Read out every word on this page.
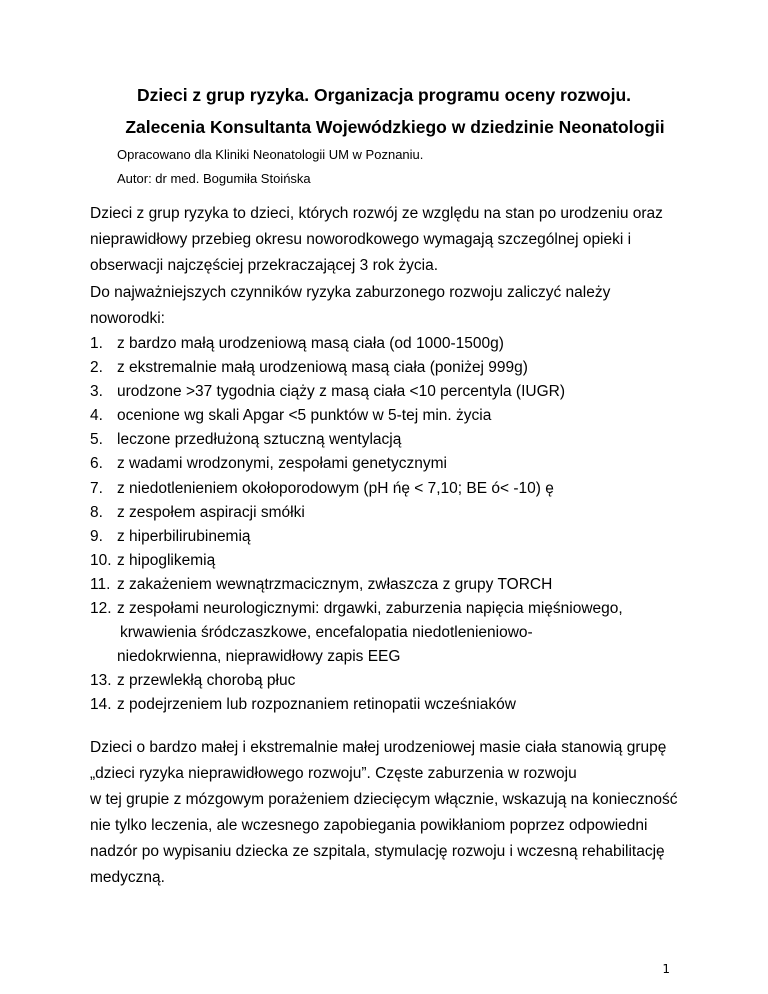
Dzieci z grup ryzyka. Organizacja programu oceny rozwoju.
Zalecenia Konsultanta Wojewódzkiego w dziedzinie Neonatologii
Opracowano dla Kliniki Neonatologii UM w Poznaniu.
Autor: dr med. Bogumiła Stoińska
Dzieci z grup ryzyka to dzieci, których rozwój ze względu na stan po urodzeniu oraz
nieprawidłowy przebieg okresu noworodkowego wymagają szczególnej opieki i
obserwacji najczęściej przekraczającej 3 rok życia.
Do najważniejszych czynników ryzyka zaburzonego rozwoju zaliczyć należy
noworodki:
1. z bardzo małą urodzeniową masą ciała (od 1000-1500g)
2. z ekstremalnie małą urodzeniową masą ciała (poniżej 999g)
3. urodzone >37 tygodnia ciąży z masą ciała <10 percentyla (IUGR)
4. ocenione wg skali Apgar <5 punktów w 5-tej min. życia
5. leczone przedłużoną sztuczną wentylacją
6. z wadami wrodzonymi, zespołami genetycznymi
7. z niedotlenieniem okołoporodowym (pH ńę < 7,10; BE ó< -10) ę
8. z zespołem aspiracji smółki
9. z hiperbilirubinemią
10. z hipoglikemią
11. z zakażeniem wewnątrzmacicznym, zwłaszcza z grupy TORCH
12. z zespołami neurologicznymi: drgawki, zaburzenia napięcia mięśniowego,
krwawienia śródczaszkowe, encefalopatia niedotlenieniowo-
niedokrwienna, nieprawidłowy zapis EEG
13. z przewlekłą chorobą płuc
14. z podejrzeniem lub rozpoznaniem retinopatii wcześniaków
Dzieci o bardzo małej i ekstremalnie małej urodzeniowej masie ciała stanowią grupę
„dzieci ryzyka nieprawidłowego rozwoju”. Częste zaburzenia w rozwoju
w tej grupie z mózgowym porażeniem dziecięcym włącznie, wskazują na konieczność
nie tylko leczenia, ale wczesnego zapobiegania powikłaniom poprzez odpowiedni
nadzór po wypisaniu dziecka ze szpitala, stymulację rozwoju i wczesną rehabilitację
medyczną.
1
